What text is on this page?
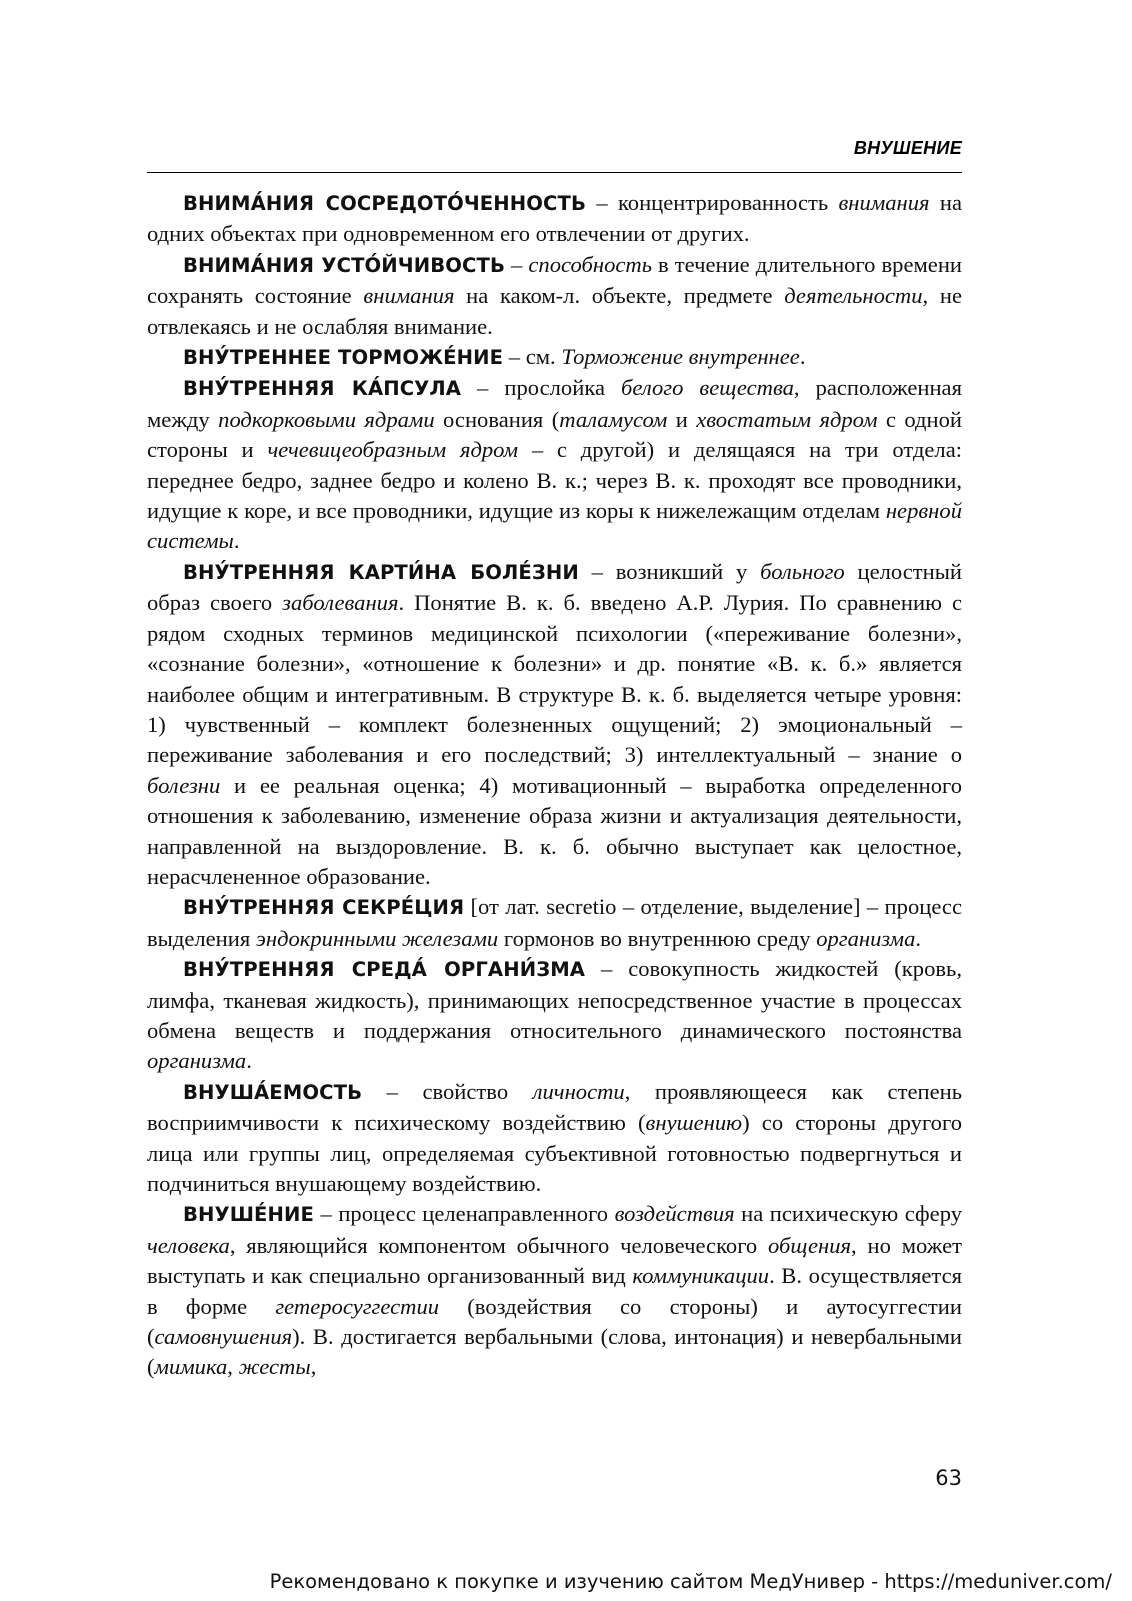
ВНУШЕНИЕ

ВНИМА́НИЯ СОСРЕДОТО́ЧЕННОСТЬ – концентрированность внимания на одних объектах при одновременном его отвлечении от других.

ВНИМА́НИЯ УСТО́ЙЧИВОСТЬ – способность в течение длительного времени сохранять состояние внимания на каком-л. объекте, предмете деятельности, не отвлекаясь и не ослабляя внимание.

ВНУ́ТРЕННЕЕ ТОРМОЖЕ́НИЕ – см. Торможение внутреннее.

ВНУ́ТРЕННЯЯ КА́ПСУЛА – прослойка белого вещества, расположенная между подкорковыми ядрами основания (таламусом и хвостатым ядром с одной стороны и чечевицеобразным ядром – с другой) и делящаяся на три отдела: переднее бедро, заднее бедро и колено В. к.; через В. к. проходят все проводники, идущие к коре, и все проводники, идущие из коры к нижележащим отделам нервной системы.

ВНУ́ТРЕННЯЯ КАРТИ́НА БОЛЕ́ЗНИ – возникший у больного целостный образ своего заболевания. Понятие В. к. б. введено А.Р. Лурия. По сравнению с рядом сходных терминов медицинской психологии («переживание болезни», «сознание болезни», «отношение к болезни» и др. понятие «В. к. б.» является наиболее общим и интегративным. В структуре В. к. б. выделяется четыре уровня: 1) чувственный – комплект болезненных ощущений; 2) эмоциональный – переживание заболевания и его последствий; 3) интеллектуальный – знание о болезни и ее реальная оценка; 4) мотивационный – выработка определенного отношения к заболеванию, изменение образа жизни и актуализация деятельности, направленной на выздоровление. В. к. б. обычно выступает как целостное, нерасчлененное образование.

ВНУ́ТРЕННЯЯ СЕКРЕ́ЦИЯ [от лат. secretio – отделение, выделение] – процесс выделения эндокринными железами гормонов во внутреннюю среду организма.

ВНУ́ТРЕННЯЯ СРЕДА́ ОРГАНИ́ЗМА – совокупность жидкостей (кровь, лимфа, тканевая жидкость), принимающих непосредственное участие в процессах обмена веществ и поддержания относительного динамического постоянства организма.

ВНУША́ЕМОСТЬ – свойство личности, проявляющееся как степень восприимчивости к психическому воздействию (внушению) со стороны другого лица или группы лиц, определяемая субъективной готовностью подвергнуться и подчиниться внушающему воздействию.

ВНУШЕ́НИЕ – процесс целенаправленного воздействия на психическую сферу человека, являющийся компонентом обычного человеческого общения, но может выступать и как специально организованный вид коммуникации. В. осуществляется в форме гетеросуггестии (воздействия со стороны) и аутосуггестии (самовнушения). В. достигается вербальными (слова, интонация) и невербальными (мимика, жесты,

63
Рекомендовано к покупке и изучению сайтом МедУнивер - https://meduniver.com/
